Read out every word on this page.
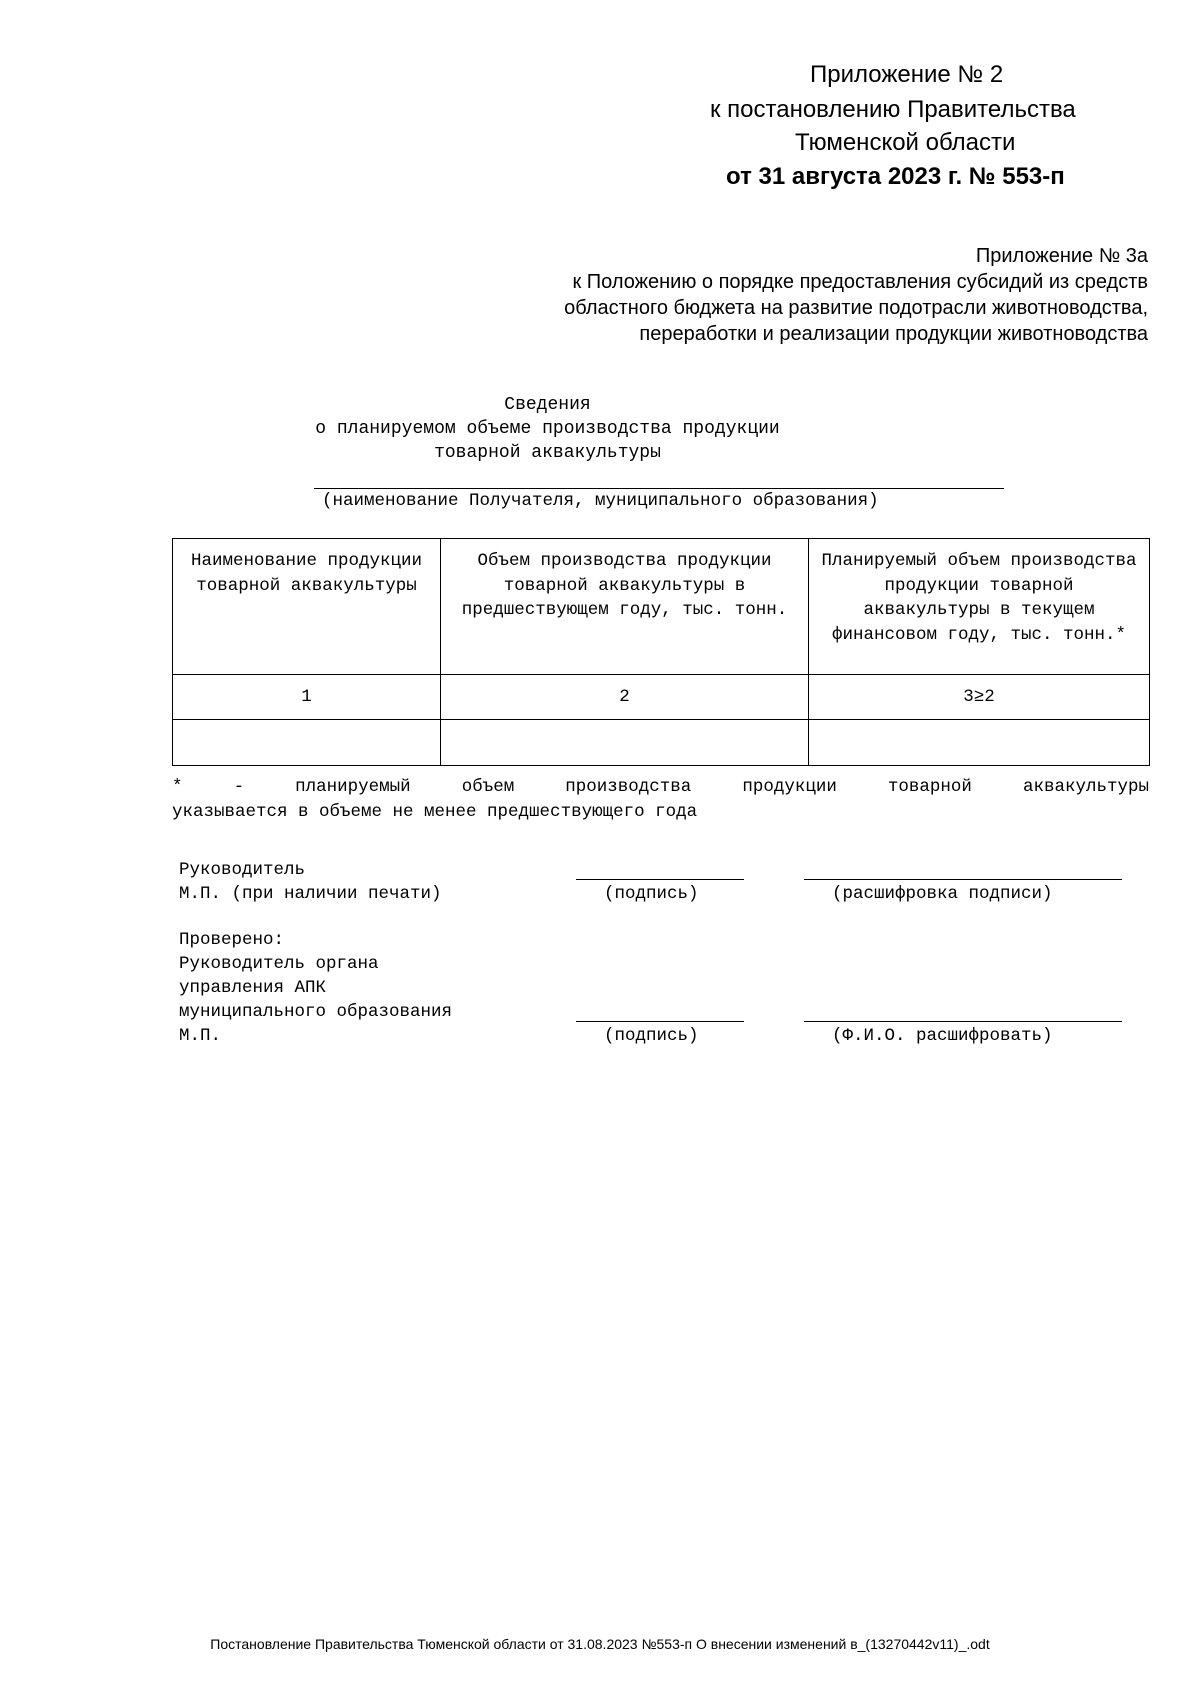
Приложение № 2
к постановлению Правительства
Тюменской области
от 31 августа 2023 г. № 553-п
Приложение № 3а
к Положению о порядке предоставления субсидий из средств
областного бюджета на развитие подотрасли животноводства,
переработки и реализации продукции животноводства
Сведения
о планируемом объеме производства продукции
товарной аквакультуры
(наименование Получателя, муниципального образования)
Наименование продукции товарной аквакультуры	Объем производства продукции товарной аквакультуры в предшествующем году, тыс. тонн.	Планируемый объем производства продукции товарной аквакультуры в текущем финансовом году, тыс. тонн.*
1	2	3≥2

*	-	планируемый	объем	производства	продукции	товарной	аквакультуры
указывается в объеме не менее предшествующего года
Руководитель
М.П. (при наличии печати)	(подпись)	(расшифровка подписи)
Проверено:
Руководитель органа
управления АПК
муниципального образования
М.П.	(подпись)	(Ф.И.О. расшифровать)
Постановление Правительства Тюменской области от 31.08.2023 №553-п О внесении изменений в_(13270442v11)_.odt
